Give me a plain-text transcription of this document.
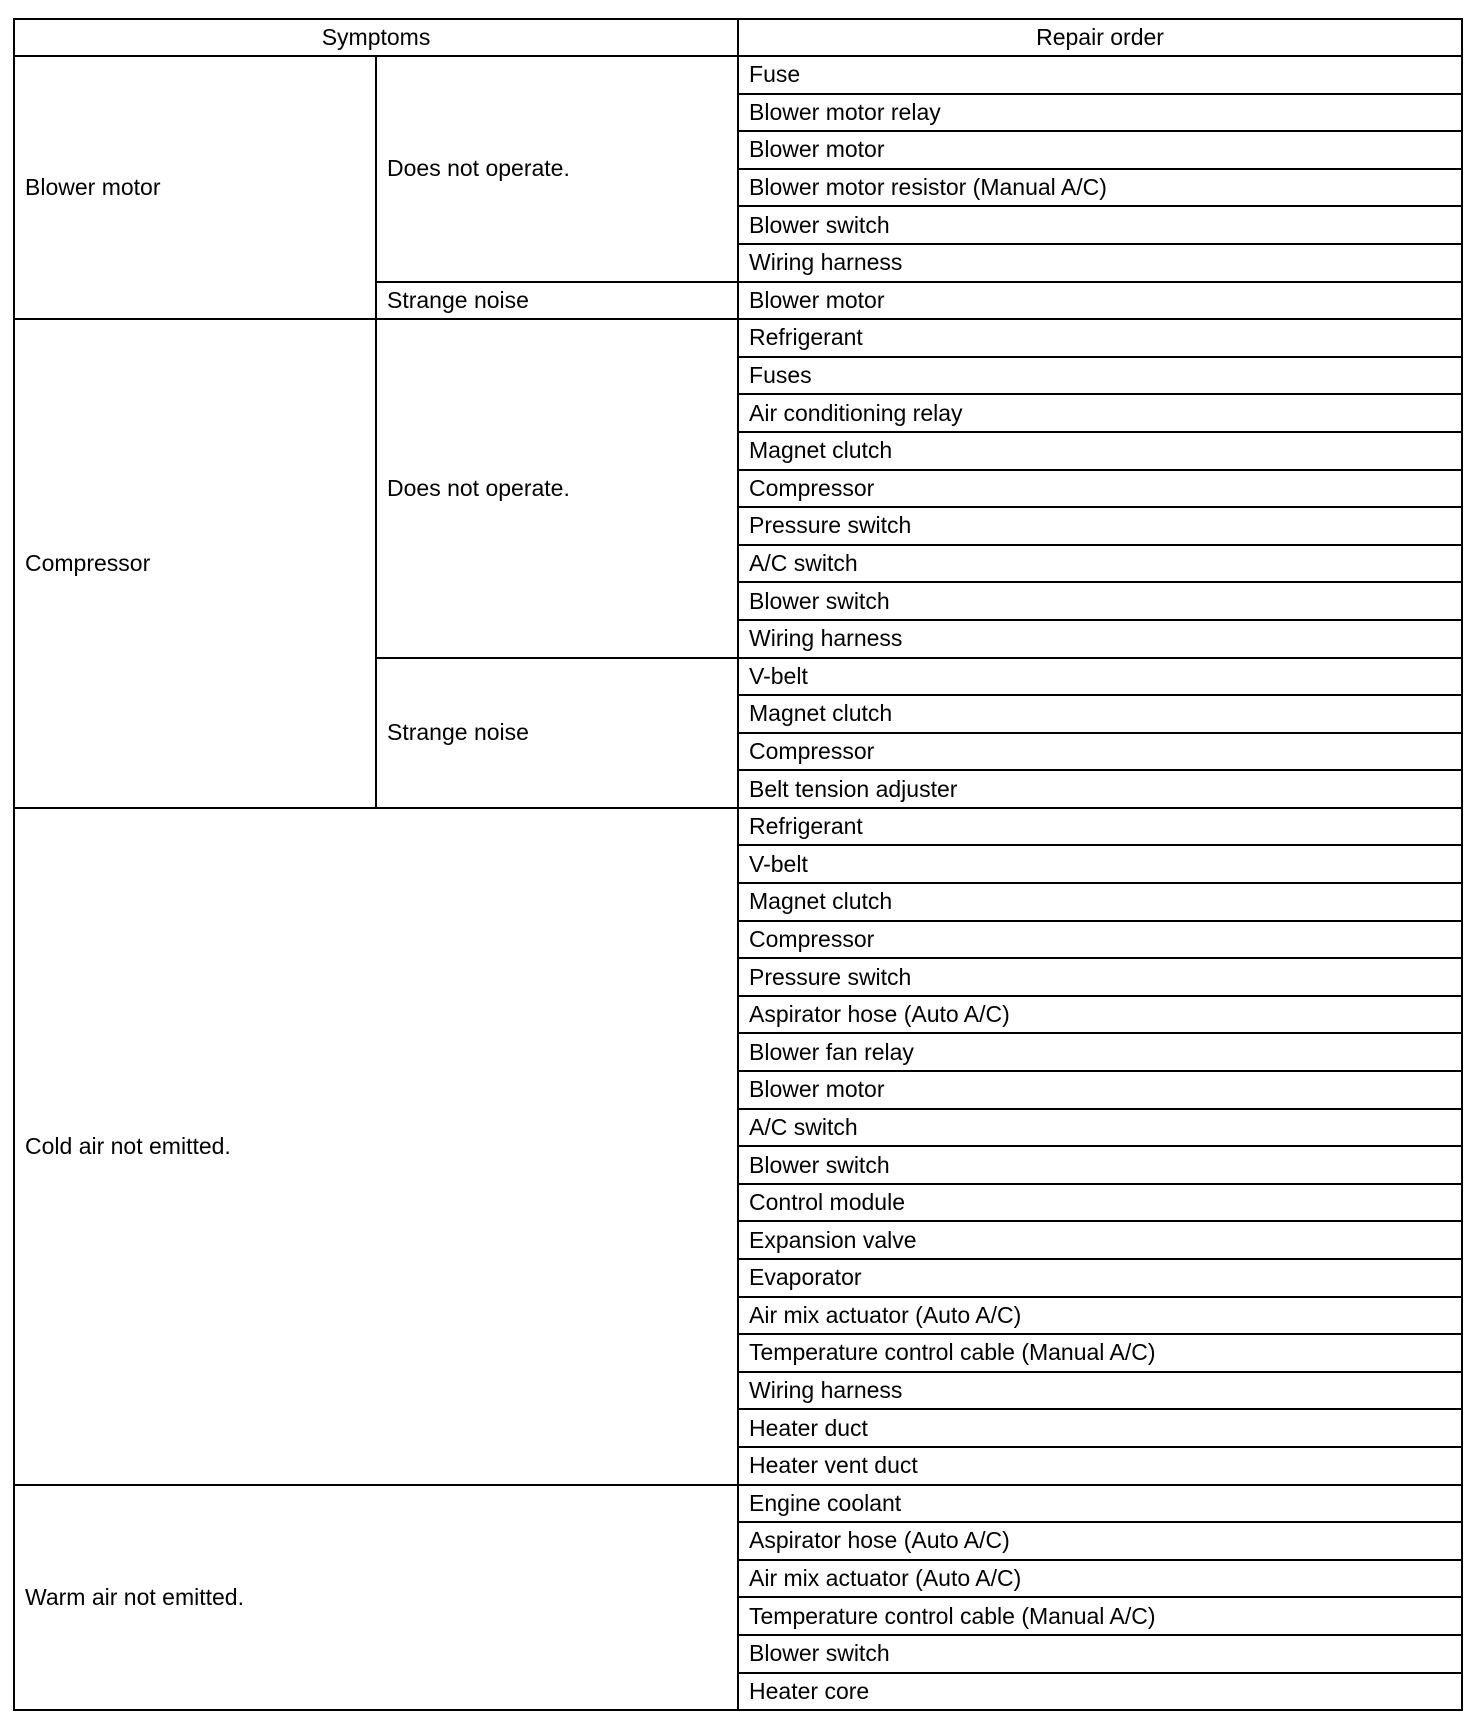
Symptoms		Repair order
Blower motor	Does not operate.	Fuse
		Blower motor relay
		Blower motor
		Blower motor resistor (Manual A/C)
		Blower switch
		Wiring harness
	Strange noise	Blower motor
Compressor	Does not operate.	Refrigerant
		Fuses
		Air conditioning relay
		Magnet clutch
		Compressor
		Pressure switch
		A/C switch
		Blower switch
		Wiring harness
	Strange noise	V-belt
		Magnet clutch
		Compressor
		Belt tension adjuster
Cold air not emitted.		Refrigerant
		V-belt
		Magnet clutch
		Compressor
		Pressure switch
		Aspirator hose (Auto A/C)
		Blower fan relay
		Blower motor
		A/C switch
		Blower switch
		Control module
		Expansion valve
		Evaporator
		Air mix actuator (Auto A/C)
		Temperature control cable (Manual A/C)
		Wiring harness
		Heater duct
		Heater vent duct
Warm air not emitted.		Engine coolant
		Aspirator hose (Auto A/C)
		Air mix actuator (Auto A/C)
		Temperature control cable (Manual A/C)
		Blower switch
		Heater core
